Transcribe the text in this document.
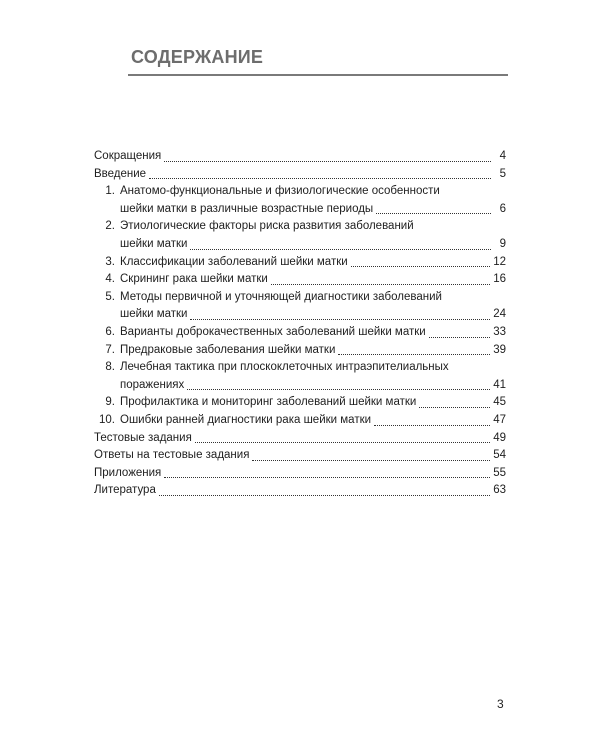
СОДЕРЖАНИЕ
Сокращения	4
Введение	5
1. Анатомо-функциональные и физиологические особенности
шейки матки в различные возрастные периоды	6
2. Этиологические факторы риска развития заболеваний
шейки матки	9
3. Классификации заболеваний шейки матки	12
4. Скрининг рака шейки матки	16
5. Методы первичной и уточняющей диагностики заболеваний
шейки матки	24
6. Варианты доброкачественных заболеваний шейки матки	33
7. Предраковые заболевания шейки матки	39
8. Лечебная тактика при плоскоклеточных интраэпителиальных
поражениях	41
9. Профилактика и мониторинг заболеваний шейки матки	45
10. Ошибки ранней диагностики рака шейки матки	47
Тестовые задания	49
Ответы на тестовые задания	54
Приложения	55
Литература	63
3
